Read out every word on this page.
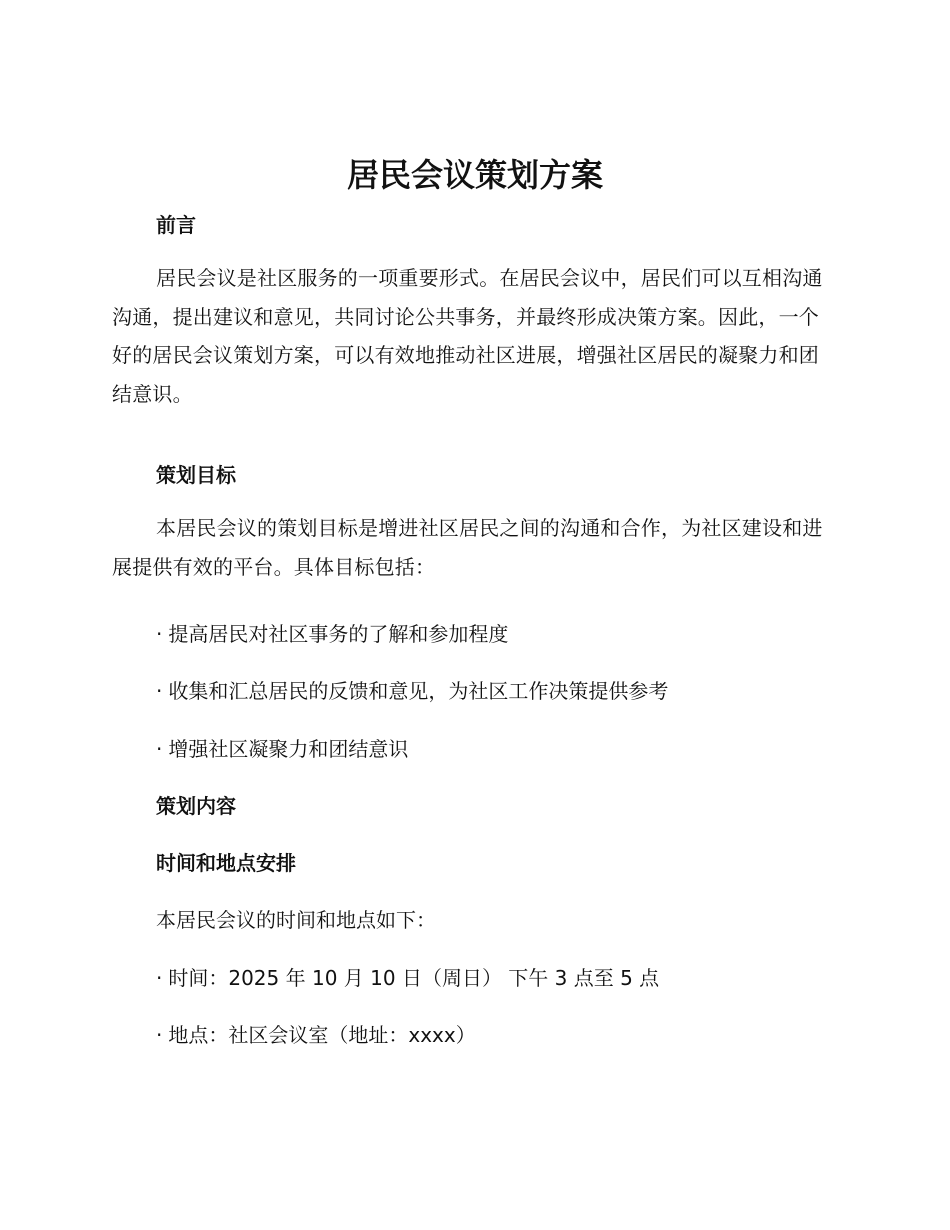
居民会议策划方案
前言

居民会议是社区服务的一项重要形式。在居民会议中，居民们可以互相沟通沟通，提出建议和意见，共同讨论公共事务，并最终形成决策方案。因此，一个好的居民会议策划方案，可以有效地推动社区进展，增强社区居民的凝聚力和团结意识。

策划目标

本居民会议的策划目标是增进社区居民之间的沟通和合作，为社区建设和进展提供有效的平台。具体目标包括：

· 提高居民对社区事务的了解和参加程度
· 收集和汇总居民的反馈和意见，为社区工作决策提供参考
· 增强社区凝聚力和团结意识
策划内容
时间和地点安排
本居民会议的时间和地点如下：
· 时间：2025 年 10 月 10 日（周日） 下午 3 点至 5 点
· 地点：社区会议室（地址：xxxx）
